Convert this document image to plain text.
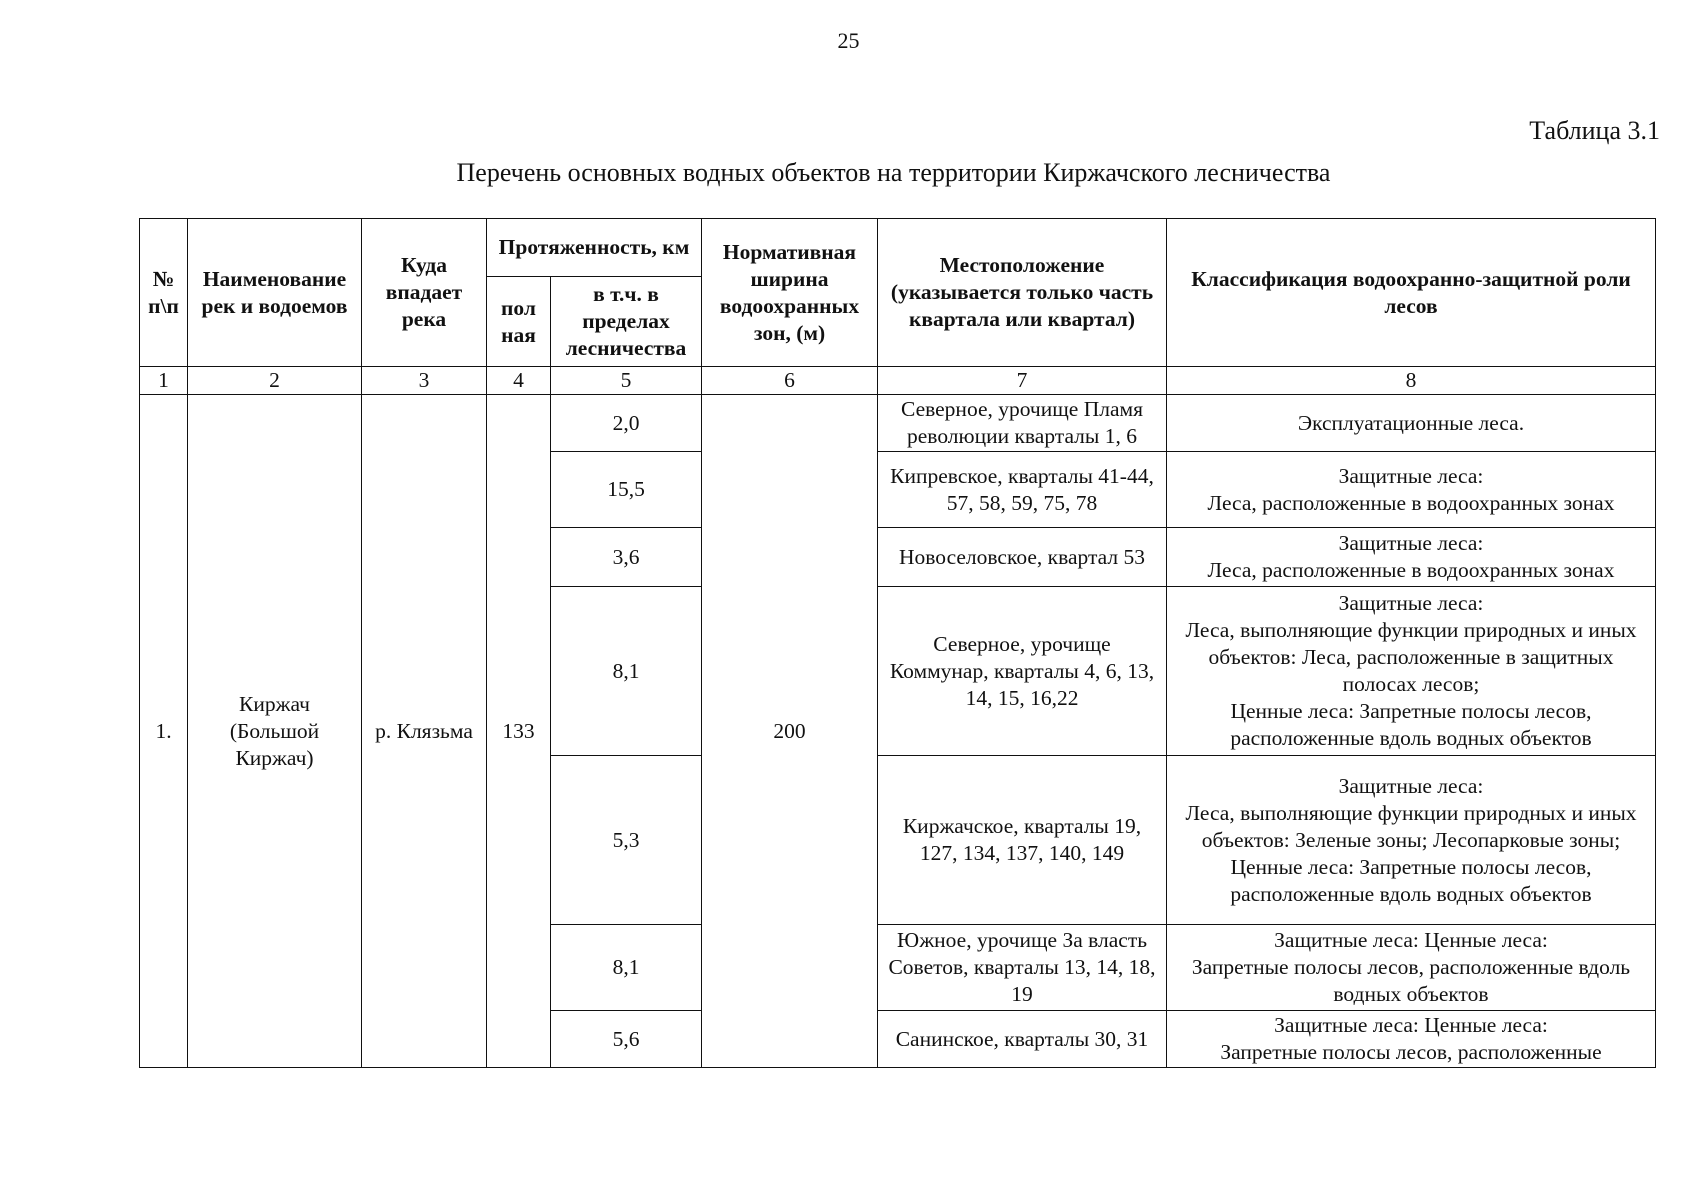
25
Таблица 3.1
Перечень основных водных объектов на территории Киржачского лесничества
№ п\п	Наименование рек и водоемов	Куда впадает река	Протяженность, км		Нормативная ширина водоохранных зон, (м)	Местоположение (указывается только часть квартала или квартал)	Классификация водоохранно-защитной роли лесов
			пол ная	в т.ч. в пределах лесничества			
1	2	3	4	5	6	7	8
1.	Киржач (Большой Киржач)	р. Клязьма	133	2,0	200	Северное, урочище Пламя революции кварталы 1, 6	Эксплуатационные леса.
				15,5		Кипревское, кварталы 41-44, 57, 58, 59, 75, 78	Защитные леса:
Леса, расположенные в водоохранных зонах
				3,6		Новоселовское, квартал 53	Защитные леса:
Леса, расположенные в водоохранных зонах
				8,1		Северное, урочище Коммунар, кварталы 4, 6, 13, 14, 15, 16,22	Защитные леса:
Леса, выполняющие функции природных и иных объектов: Леса, расположенные в защитных полосах лесов;
Ценные леса: Запретные полосы лесов, расположенные вдоль водных объектов
				5,3		Киржачское, кварталы 19, 127, 134, 137, 140, 149	Защитные леса:
Леса, выполняющие функции природных и иных объектов: Зеленые зоны; Лесопарковые зоны;
Ценные леса: Запретные полосы лесов, расположенные вдоль водных объектов
				8,1		Южное, урочище За власть Советов, кварталы 13, 14, 18, 19	Защитные леса: Ценные леса:
Запретные полосы лесов, расположенные вдоль водных объектов
				5,6		Санинское, кварталы 30, 31	Защитные леса: Ценные леса:
Запретные полосы лесов, расположенные
